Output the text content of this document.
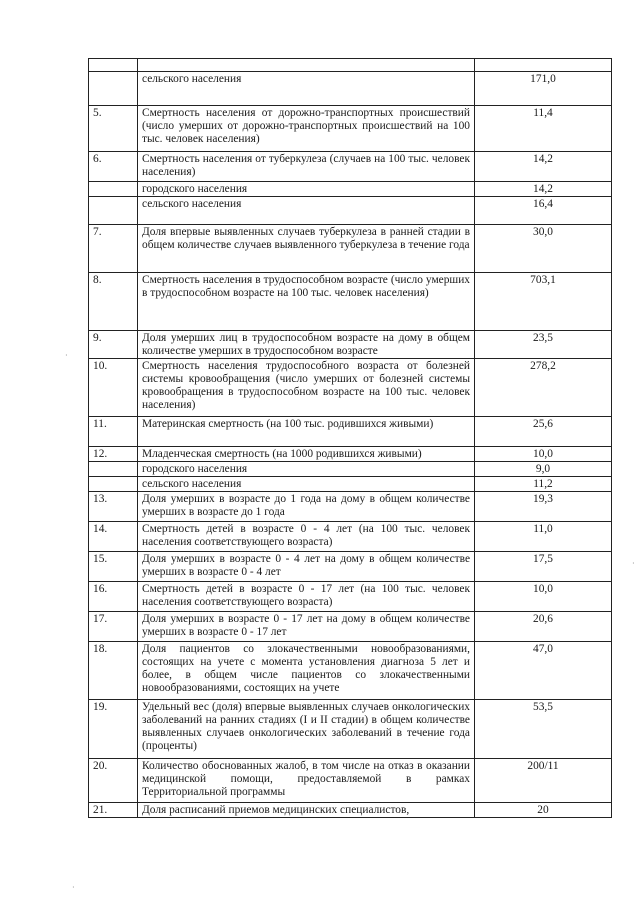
·
·
·

	сельского населения	171,0
5.	Смертность населения от дорожно-транспортных происшествий (число умерших от дорожно-транспортных происшествий на 100 тыс. человек населения)	11,4
6.	Смертность населения от туберкулеза (случаев на 100 тыс. человек населения)	14,2
	городского населения	14,2
	сельского населения	16,4
7.	Доля впервые выявленных случаев туберкулеза в ранней стадии в общем количестве случаев выявленного туберкулеза в течение года	30,0
8.	Смертность населения в трудоспособном возрасте (число умерших в трудоспособном возрасте на 100 тыс. человек населения)	703,1
9.	Доля умерших лиц в трудоспособном возрасте на дому в общем количестве умерших в трудоспособном возрасте	23,5
10.	Смертность населения трудоспособного возраста от болезней системы кровообращения (число умерших от болезней системы кровообращения в трудоспособном возрасте на 100 тыс. человек населения)	278,2
11.	Материнская смертность (на 100 тыс. родившихся живыми)	25,6
12.	Младенческая смертность (на 1000 родившихся живыми)	10,0
	городского населения	9,0
	сельского населения	11,2
13.	Доля умерших в возрасте до 1 года на дому в общем количестве умерших в возрасте до 1 года	19,3
14.	Смертность детей в возрасте 0 - 4 лет (на 100 тыс. человек населения соответствующего возраста)	11,0
15.	Доля умерших в возрасте 0 - 4 лет на дому в общем количестве умерших в возрасте 0 - 4 лет	17,5
16.	Смертность детей в возрасте 0 - 17 лет (на 100 тыс. человек населения соответствующего возраста)	10,0
17.	Доля умерших в возрасте 0 - 17 лет на дому в общем количестве умерших в возрасте 0 - 17 лет	20,6
18.	Доля пациентов со злокачественными новообразованиями, состоящих на учете с момента установления диагноза 5 лет и более, в общем числе пациентов со злокачественными новообразованиями, состоящих на учете	47,0
19.	Удельный вес (доля) впервые выявленных случаев онкологических заболеваний на ранних стадиях (I и II стадии) в общем количестве выявленных случаев онкологических заболеваний в течение года (проценты)	53,5
20.	Количество обоснованных жалоб, в том числе на отказ в оказании медицинской помощи, предоставляемой в рамках Территориальной программы	200/11
21.	Доля расписаний приемов медицинских специалистов,	20
